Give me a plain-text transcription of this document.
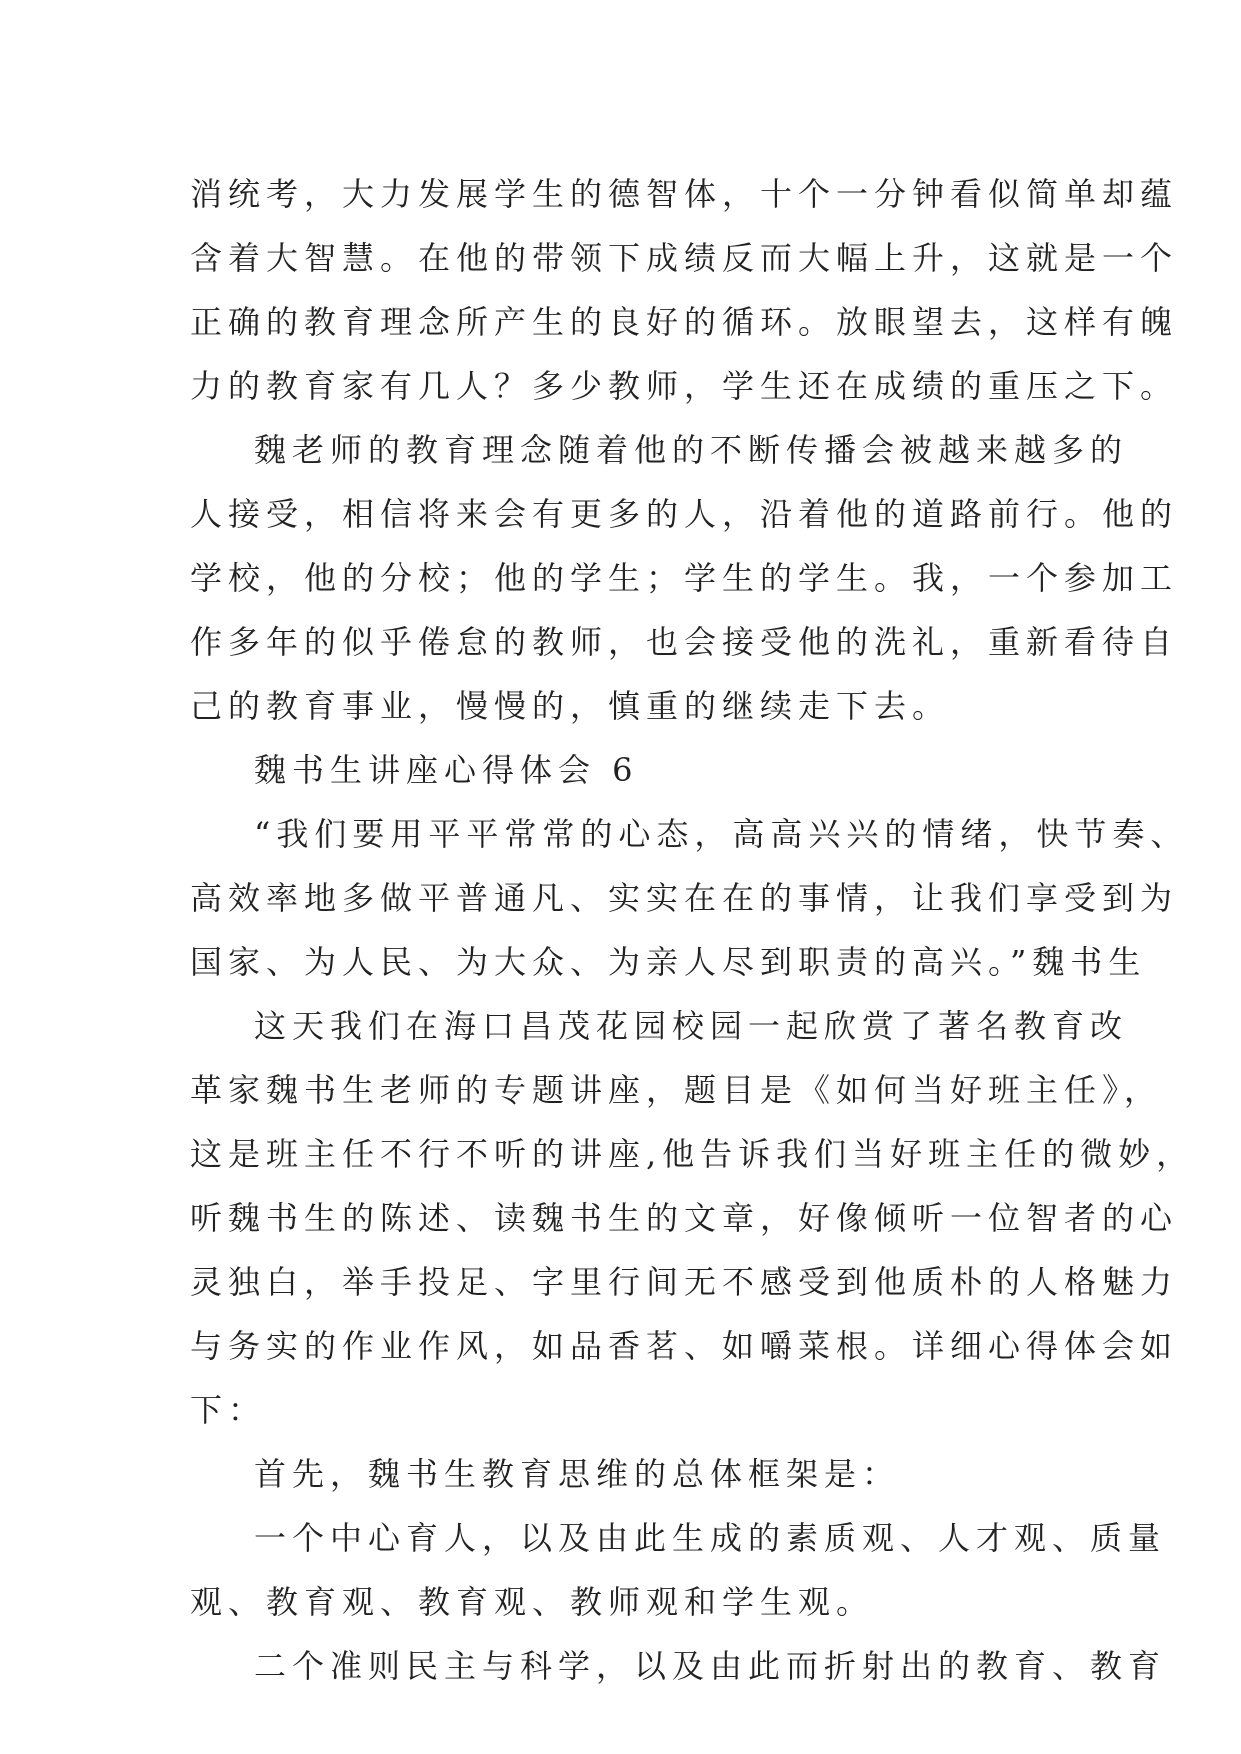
消统考，大力发展学生的德智体，十个一分钟看似简单却蕴
含着大智慧。在他的带领下成绩反而大幅上升，这就是一个
正确的教育理念所产生的良好的循环。放眼望去，这样有魄
力的教育家有几人？多少教师，学生还在成绩的重压之下。
魏老师的教育理念随着他的不断传播会被越来越多的
人接受，相信将来会有更多的人，沿着他的道路前行。他的
学校，他的分校；他的学生；学生的学生。我，一个参加工
作多年的似乎倦怠的教师，也会接受他的洗礼，重新看待自
己的教育事业，慢慢的，慎重的继续走下去。
魏书生讲座心得体会 6
“我们要用平平常常的心态，高高兴兴的情绪，快节奏、
高效率地多做平普通凡、实实在在的事情，让我们享受到为
国家、为人民、为大众、为亲人尽到职责的高兴。”魏书生
这天我们在海口昌茂花园校园一起欣赏了著名教育改
革家魏书生老师的专题讲座，题目是《如何当好班主任》，
这是班主任不行不听的讲座,他告诉我们当好班主任的微妙，
听魏书生的陈述、读魏书生的文章，好像倾听一位智者的心
灵独白，举手投足、字里行间无不感受到他质朴的人格魅力
与务实的作业作风，如品香茗、如嚼菜根。详细心得体会如
下：
首先，魏书生教育思维的总体框架是：
一个中心育人，以及由此生成的素质观、人才观、质量
观、教育观、教育观、教师观和学生观。
二个准则民主与科学，以及由此而折射出的教育、教育
